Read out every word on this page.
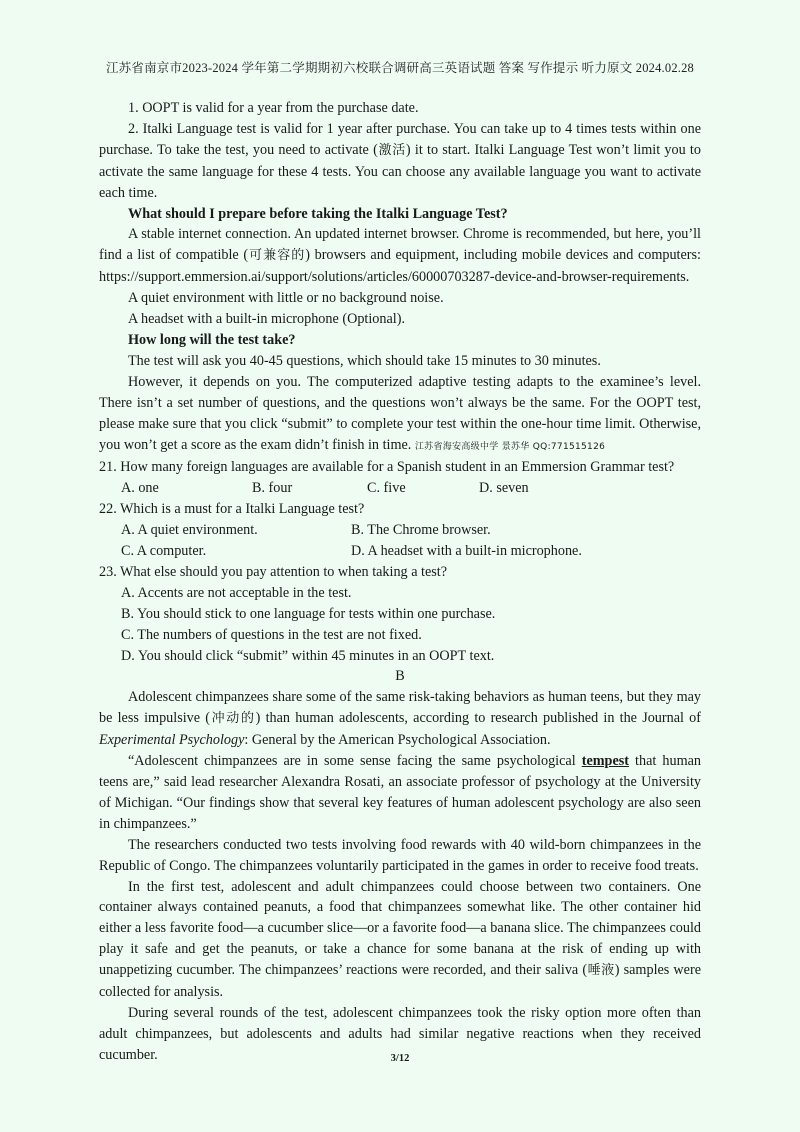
江苏省南京市2023-2024 学年第二学期期初六校联合调研高三英语试题 答案 写作提示 听力原文 2024.02.28

1. OOPT is valid for a year from the purchase date.

2. Italki Language test is valid for 1 year after purchase. You can take up to 4 times tests within one purchase. To take the test, you need to activate (激活) it to start. Italki Language Test won’t limit you to activate the same language for these 4 tests. You can choose any available language you want to activate each time.

What should I prepare before taking the Italki Language Test?

A stable internet connection. An updated internet browser. Chrome is recommended, but here, you’ll find a list of compatible (可兼容的) browsers and equipment, including mobile devices and computers: https://support.emmersion.ai/support/solutions/articles/60000703287-device-and-browser-requirements.

A quiet environment with little or no background noise.

A headset with a built-in microphone (Optional).

How long will the test take?

The test will ask you 40-45 questions, which should take 15 minutes to 30 minutes.

However, it depends on you. The computerized adaptive testing adapts to the examinee’s level. There isn’t a set number of questions, and the questions won’t always be the same. For the OOPT test, please make sure that you click “submit” to complete your test within the one-hour time limit. Otherwise, you won’t get a score as the exam didn’t finish in time. 江苏省海安高级中学 景苏华 QQ:771515126

21. How many foreign languages are available for a Spanish student in an Emmersion Grammar test?

A. one	B. four	C. five	D. seven

22. Which is a must for a Italki Language test?

A. A quiet environment.	B. The Chrome browser.
C. A computer.	D. A headset with a built-in microphone.

23. What else should you pay attention to when taking a test?

A. Accents are not acceptable in the test.

B. You should stick to one language for tests within one purchase.

C. The numbers of questions in the test are not fixed.

D. You should click “submit” within 45 minutes in an OOPT text.

B

Adolescent chimpanzees share some of the same risk-taking behaviors as human teens, but they may be less impulsive (冲动的) than human adolescents, according to research published in the Journal of Experimental Psychology: General by the American Psychological Association.

“Adolescent chimpanzees are in some sense facing the same psychological tempest that human teens are,” said lead researcher Alexandra Rosati, an associate professor of psychology at the University of Michigan. “Our findings show that several key features of human adolescent psychology are also seen in chimpanzees.”

The researchers conducted two tests involving food rewards with 40 wild-born chimpanzees in the Republic of Congo. The chimpanzees voluntarily participated in the games in order to receive food treats.

In the first test, adolescent and adult chimpanzees could choose between two containers. One container always contained peanuts, a food that chimpanzees somewhat like. The other container hid either a less favorite food—a cucumber slice—or a favorite food—a banana slice. The chimpanzees could play it safe and get the peanuts, or take a chance for some banana at the risk of ending up with unappetizing cucumber. The chimpanzees’ reactions were recorded, and their saliva (唾液) samples were collected for analysis.

During several rounds of the test, adolescent chimpanzees took the risky option more often than adult chimpanzees, but adolescents and adults had similar negative reactions when they received cucumber.	3/12
